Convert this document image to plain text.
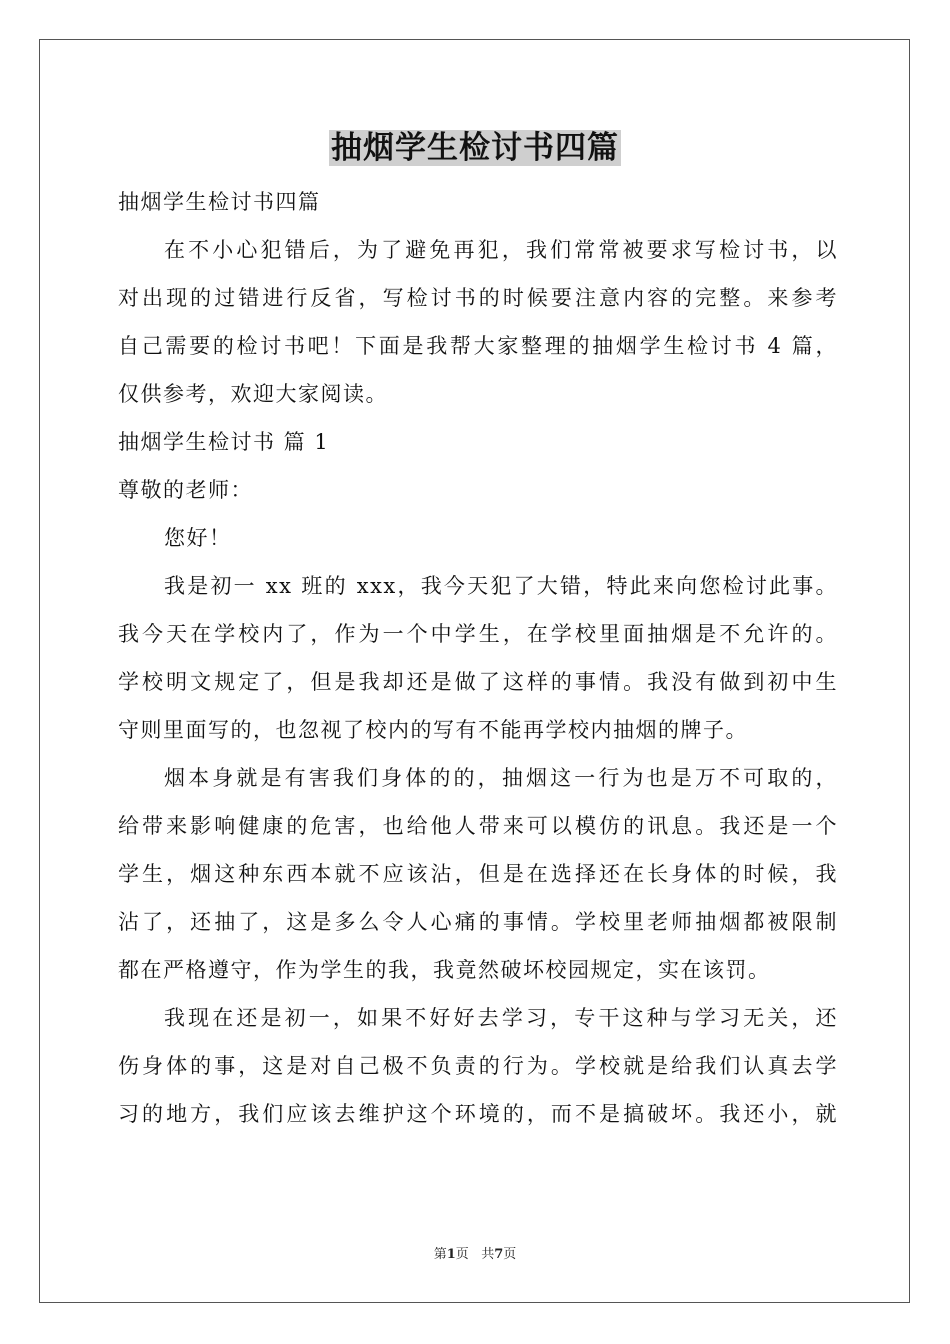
抽烟学生检讨书四篇
抽烟学生检讨书四篇
在不小心犯错后，为了避免再犯，我们常常被要求写检讨书，以
对出现的过错进行反省，写检讨书的时候要注意内容的完整。来参考
自己需要的检讨书吧！下面是我帮大家整理的抽烟学生检讨书 4 篇，
仅供参考，欢迎大家阅读。
抽烟学生检讨书 篇 1
尊敬的老师：
您好！
我是初一 xx 班的 xxx，我今天犯了大错，特此来向您检讨此事。
我今天在学校内了，作为一个中学生，在学校里面抽烟是不允许的。
学校明文规定了，但是我却还是做了这样的事情。我没有做到初中生
守则里面写的，也忽视了校内的写有不能再学校内抽烟的牌子。
烟本身就是有害我们身体的的，抽烟这一行为也是万不可取的，
给带来影响健康的危害，也给他人带来可以模仿的讯息。我还是一个
学生，烟这种东西本就不应该沾，但是在选择还在长身体的时候，我
沾了，还抽了，这是多么令人心痛的事情。学校里老师抽烟都被限制
都在严格遵守，作为学生的我，我竟然破坏校园规定，实在该罚。
我现在还是初一，如果不好好去学习，专干这种与学习无关，还
伤身体的事，这是对自己极不负责的行为。学校就是给我们认真去学
习的地方，我们应该去维护这个环境的，而不是搞破坏。我还小，就
第1页 共7页
